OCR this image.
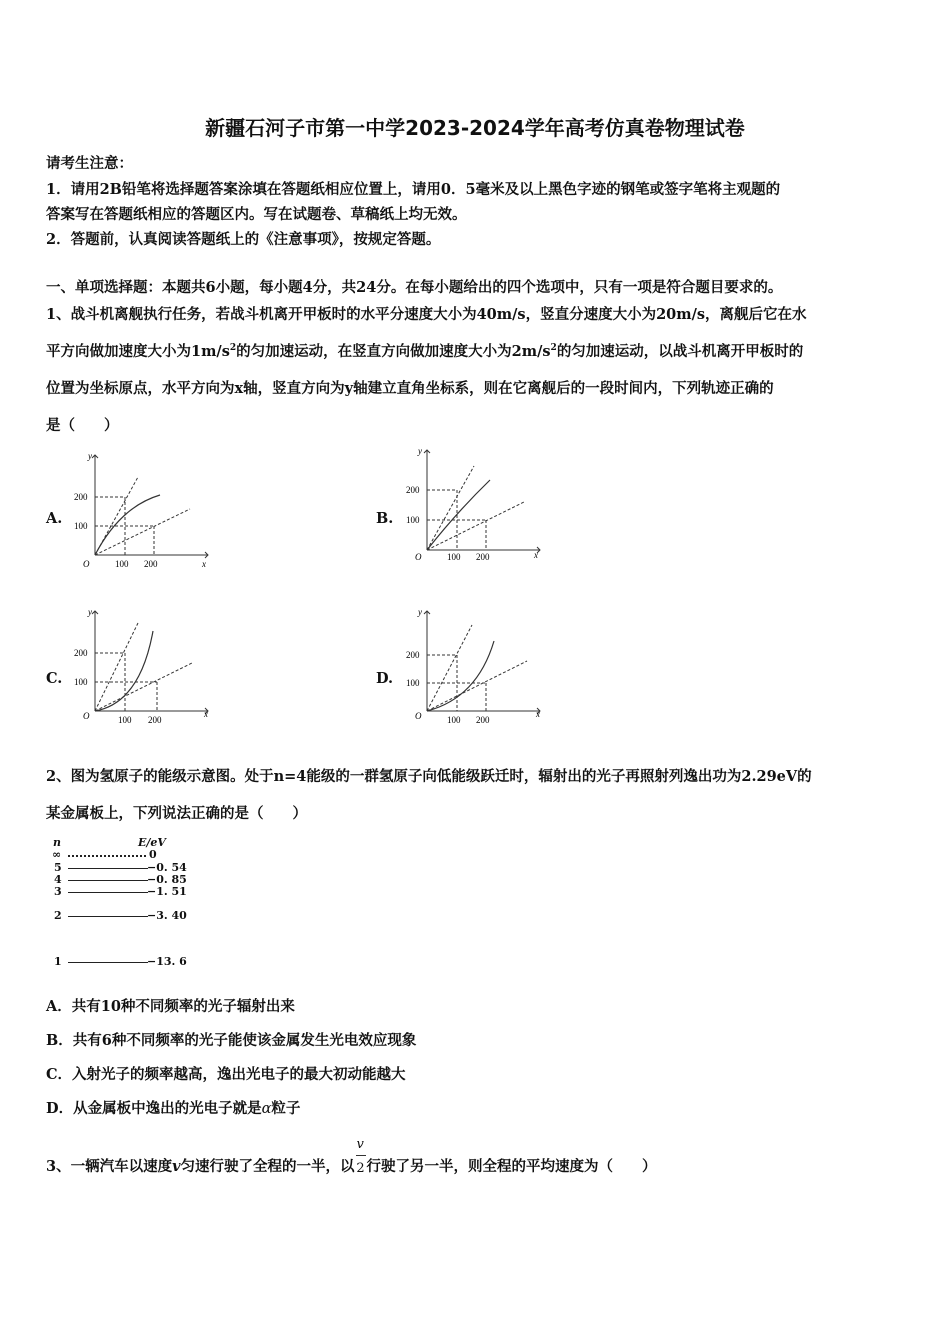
新疆石河子市第一中学2023-2024学年高考仿真卷物理试卷
请考生注意：
1．请用2B铅笔将选择题答案涂填在答题纸相应位置上，请用0．5毫米及以上黑色字迹的钢笔或签字笔将主观题的
答案写在答题纸相应的答题区内。写在试题卷、草稿纸上均无效。
2．答题前，认真阅读答题纸上的《注意事项》，按规定答题。
一、单项选择题：本题共6小题，每小题4分，共24分。在每小题给出的四个选项中，只有一项是符合题目要求的。
1、战斗机离舰执行任务，若战斗机离开甲板时的水平分速度大小为40m/s，竖直分速度大小为20m/s，离舰后它在水
平方向做加速度大小为$1m/s^2$的匀加速运动，在竖直方向做加速度大小为$2m/s^2$的匀加速运动，以战斗机离开甲板时的
位置为坐标原点，水平方向为x轴，竖直方向为y轴建立直角坐标系，则在它离舰后的一段时间内，下列轨迹正确的
是（　　）
A.	B.
C.	D.
y
x
O
200
100
100 200
y
x
O
200
100
100 200
y
x
O
200
100
100 200
y
x
O
200
100
100 200
2、图为氢原子的能级示意图。处于n=4能级的一群氢原子向低能级跃迁时，辐射出的光子再照射列逸出功为2.29eV的
某金属板上，下列说法正确的是（　　）
n	E/eV
∞	0
5	−0. 54
4	−0. 85
3	−1. 51
2	−3. 40
1	−13. 6
A．共有10种不同频率的光子辐射出来
B．共有6种不同频率的光子能使该金属发生光电效应现象
C．入射光子的频率越高，逸出光电子的最大初动能越大
D．从金属板中逸出的光电子就是α粒子
3、一辆汽车以速度v匀速行驶了全程的一半，以 $\frac{v}{2}$行驶了另一半，则全程的平均速度为（　　）
